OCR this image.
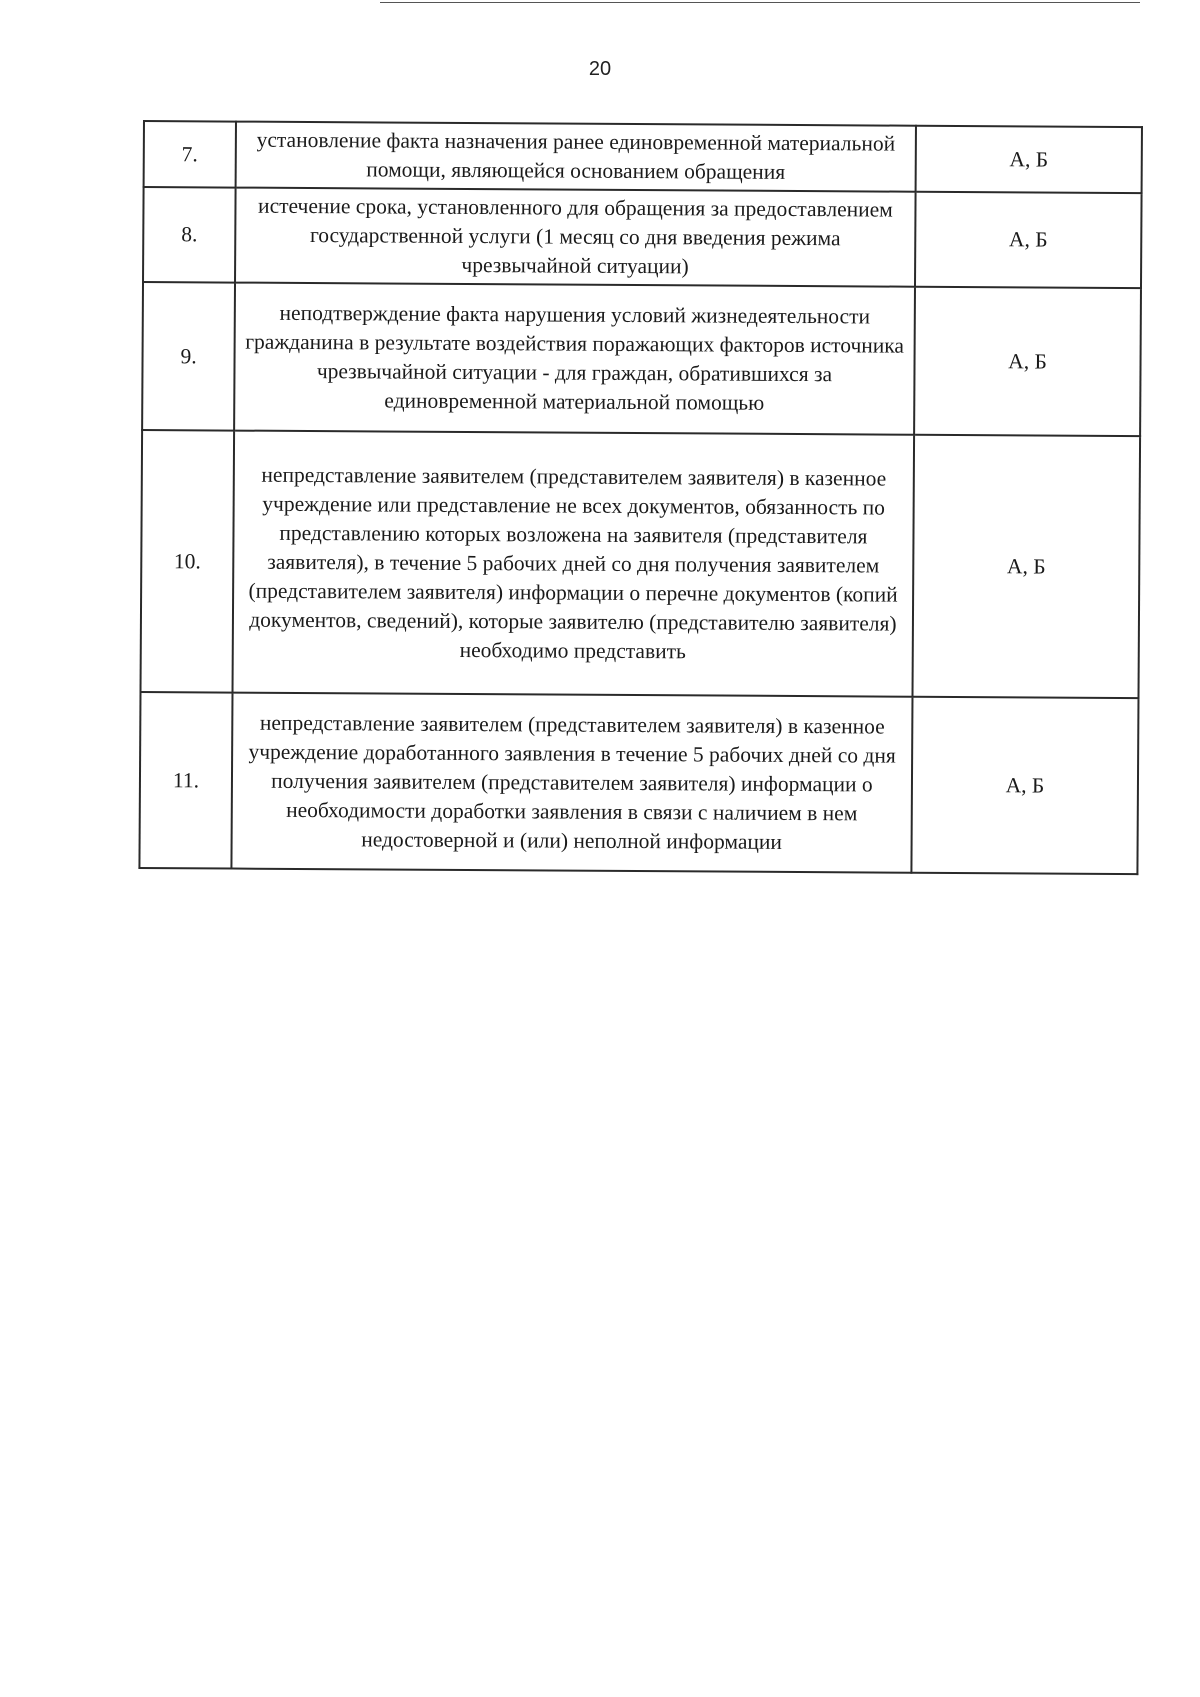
20
7.	установление факта назначения ранее единовременной материальной помощи, являющейся основанием обращения	А, Б
8.	истечение срока, установленного для обращения за предоставлением государственной услуги (1 месяц со дня введения режима чрезвычайной ситуации)	А, Б
9.	неподтверждение факта нарушения условий жизнедеятельности гражданина в результате воздействия поражающих факторов источника чрезвычайной ситуации - для граждан, обратившихся за единовременной материальной помощью	А, Б
10.	непредставление заявителем (представителем заявителя) в казенное учреждение или представление не всех документов, обязанность по представлению которых возложена на заявителя (представителя заявителя), в течение 5 рабочих дней со дня получения заявителем (представителем заявителя) информации о перечне документов (копий документов, сведений), которые заявителю (представителю заявителя) необходимо представить	А, Б
11.	непредставление заявителем (представителем заявителя) в казенное учреждение доработанного заявления в течение 5 рабочих дней со дня получения заявителем (представителем заявителя) информации о необходимости доработки заявления в связи с наличием в нем недостоверной и (или) неполной информации	А, Б
